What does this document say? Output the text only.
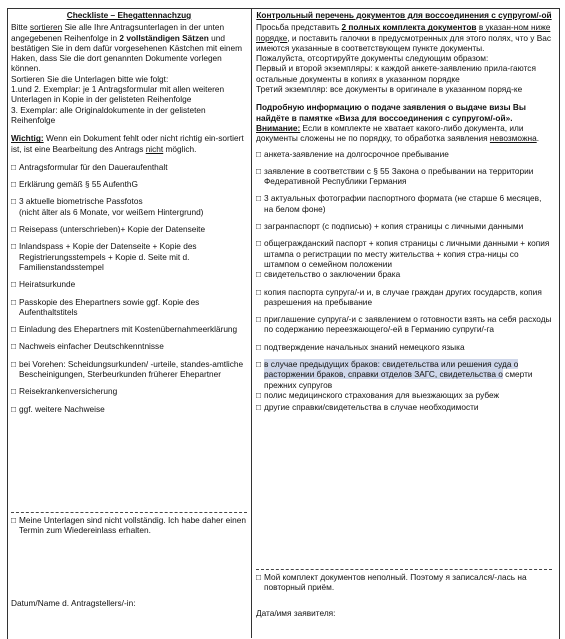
Checkliste – Ehegattennachzug

Bitte sortieren Sie alle Ihre Antragsunterlagen in der unten angegebenen Reihenfolge in 2 vollständigen Sätzen und bestätigen Sie in dem dafür vorgesehenen Kästchen mit einem Haken, dass Sie die dort genannten Dokumente vorlegen können.

Sortieren Sie die Unterlagen bitte wie folgt:

1.und 2. Exemplar: je 1 Antragsformular mit allen weiteren Unterlagen in Kopie in der gelisteten Reihenfolge

3. Exemplar: alle Originaldokumente in der gelisteten Reihenfolge

Wichtig: Wenn ein Dokument fehlt oder nicht richtig ein-sortiert ist, ist eine Bearbeitung des Antrags nicht möglich.

□ Antragsformular für den Daueraufenthalt
□ Erklärung gemäß § 55 AufenthG
□ 3 aktuelle biometrische Passfotos
(nicht älter als 6 Monate, vor weißem Hintergrund)
□ Reisepass (unterschrieben)+ Kopie der Datenseite
□ Inlandspass + Kopie der Datenseite + Kopie des Registrierungsstempels + Kopie d. Seite mit d. Familienstandsstempel
□ Heiratsurkunde
□ Passkopie des Ehepartners sowie ggf. Kopie des Aufenthaltstitels
□ Einladung des Ehepartners mit Kostenübernahmeerklärung
□ Nachweis einfacher Deutschkenntnisse
□ bei Vorehen: Scheidungsurkunden/ -urteile, standes-amtliche Bescheinigungen, Sterbeurkunden früherer Ehepartner
□ Reisekrankenversicherung
□ ggf. weitere Nachweise
□ Meine Unterlagen sind nicht vollständig. Ich habe daher einen Termin zum Wiedereinlass erhalten.
Datum/Name d. Antragstellers/-in:
Контрольный перечень документов для воссоединения с супругом/-ой

Просьба представить 2 полных комплекта документов в указан-ном ниже порядке, и поставить галочки в предусмотренных для этого полях, что у Вас имеются указанные в соответствующем пункте документы.

Пожалуйста, отсортируйте документы следующим образом:

Первый и второй экземпляры: к каждой анкете-заявлению прила-гаются остальные документы в копиях в указанном порядке

Третий экземпляр: все документы в оригинале в указанном поряд-ке

Подробную информацию о подаче заявления о выдаче визы Вы найдёте в памятке «Виза для воссоединения с супругом/-ой».

Внимание: Если в комплекте не хватает какого-либо документа, или документы сложены не по порядку, то обработка заявления невозможна.

□ анкета-заявление на долгосрочное пребывание
□ заявление в соответствии с § 55 Закона о пребывании на территории Федеративной Республики Германия
□ 3 актуальных фотографии паспортного формата (не старше 6 месяцев, на белом фоне)
□ загранпаспорт (с подписью) + копия страницы с личными данными
□ общегражданский паспорт + копия страницы с личными данными + копия штампа о регистрации по месту жительства + копия стра-ницы со штампом о семейном положении
□ свидетельство о заключении брака
□ копия паспорта супруга/-и и, в случае граждан других государств, копия разрешения на пребывание
□ приглашение супруга/-и с заявлением о готовности взять на себя расходы по содержанию переезжающего/-ей в Германию супруги/-га
□ подтверждение начальных знаний немецкого языка
□ в случае предыдущих браков: свидетельства или решения суда о расторжении браков, справки отделов ЗАГС, свидетельства о смерти прежних супругов
□ полис медицинского страхования для выезжающих за рубеж
□ другие справки/свидетельства в случае необходимости
□ Мой комплект документов неполный. Поэтому я записался/-лась на повторный приём.
Дата/имя заявителя:
